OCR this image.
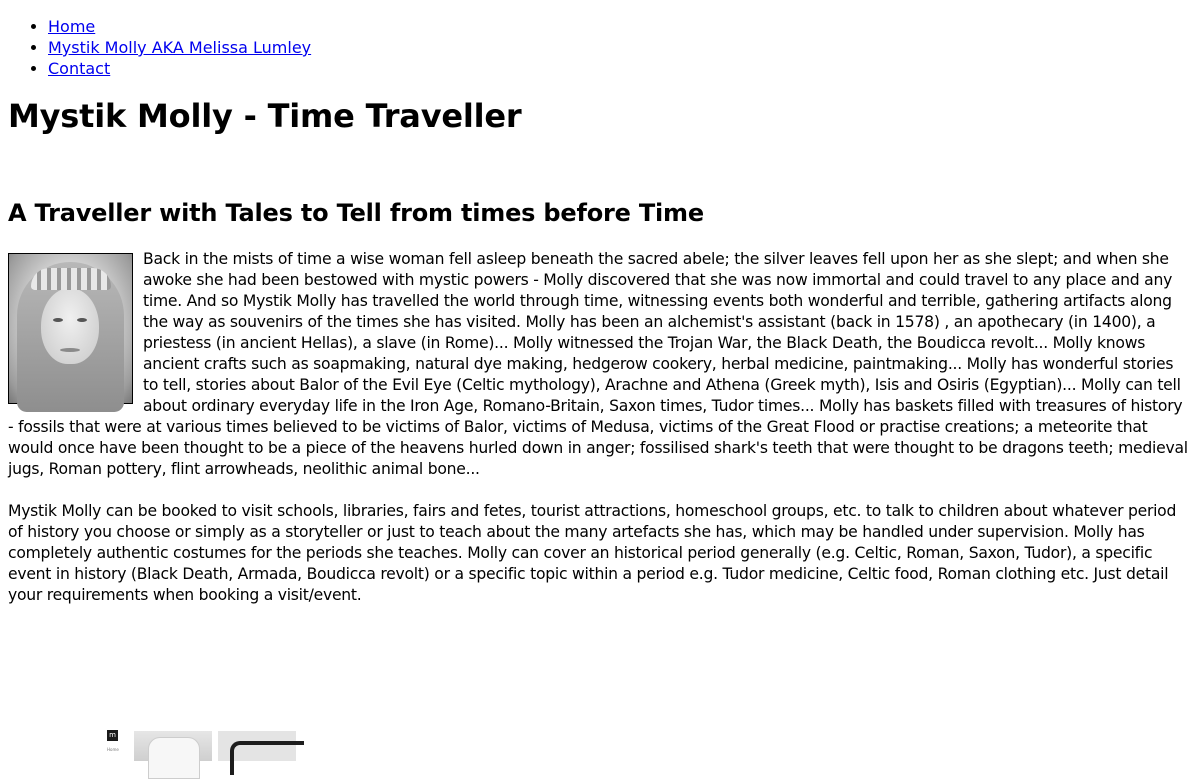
• Home
• Mystik Molly AKA Melissa Lumley
• Contact
Mystik Molly - Time Traveller
A Traveller with Tales to Tell from times before Time

Back in the mists of time a wise woman fell asleep beneath the sacred abele; the silver leaves fell upon her as she slept; and when she awoke she had been bestowed with mystic powers - Molly discovered that she was now immortal and could travel to any place and any time. And so Mystik Molly has travelled the world through time, witnessing events both wonderful and terrible, gathering artifacts along the way as souvenirs of the times she has visited. Molly has been an alchemist's assistant (back in 1578) , an apothecary (in 1400), a priestess (in ancient Hellas), a slave (in Rome)... Molly witnessed the Trojan War, the Black Death, the Boudicca revolt... Molly knows ancient crafts such as soapmaking, natural dye making, hedgerow cookery, herbal medicine, paintmaking... Molly has wonderful stories to tell, stories about Balor of the Evil Eye (Celtic mythology), Arachne and Athena (Greek myth), Isis and Osiris (Egyptian)... Molly can tell about ordinary everyday life in the Iron Age, Romano-Britain, Saxon times, Tudor times... Molly has baskets filled with treasures of history - fossils that were at various times believed to be victims of Balor, victims of Medusa, victims of the Great Flood or practise creations; a meteorite that would once have been thought to be a piece of the heavens hurled down in anger; fossilised shark's teeth that were thought to be dragons teeth; medieval jugs, Roman pottery, flint arrowheads, neolithic animal bone...

Mystik Molly can be booked to visit schools, libraries, fairs and fetes, tourist attractions, homeschool groups, etc. to talk to children about whatever period of history you choose or simply as a storyteller or just to teach about the many artefacts she has, which may be handled under supervision. Molly has completely authentic costumes for the periods she teaches. Molly can cover an historical period generally (e.g. Celtic, Roman, Saxon, Tudor), a specific event in history (Black Death, Armada, Boudicca revolt) or a specific topic within a period e.g. Tudor medicine, Celtic food, Roman clothing etc. Just detail your requirements when booking a visit/event.

m
Home
